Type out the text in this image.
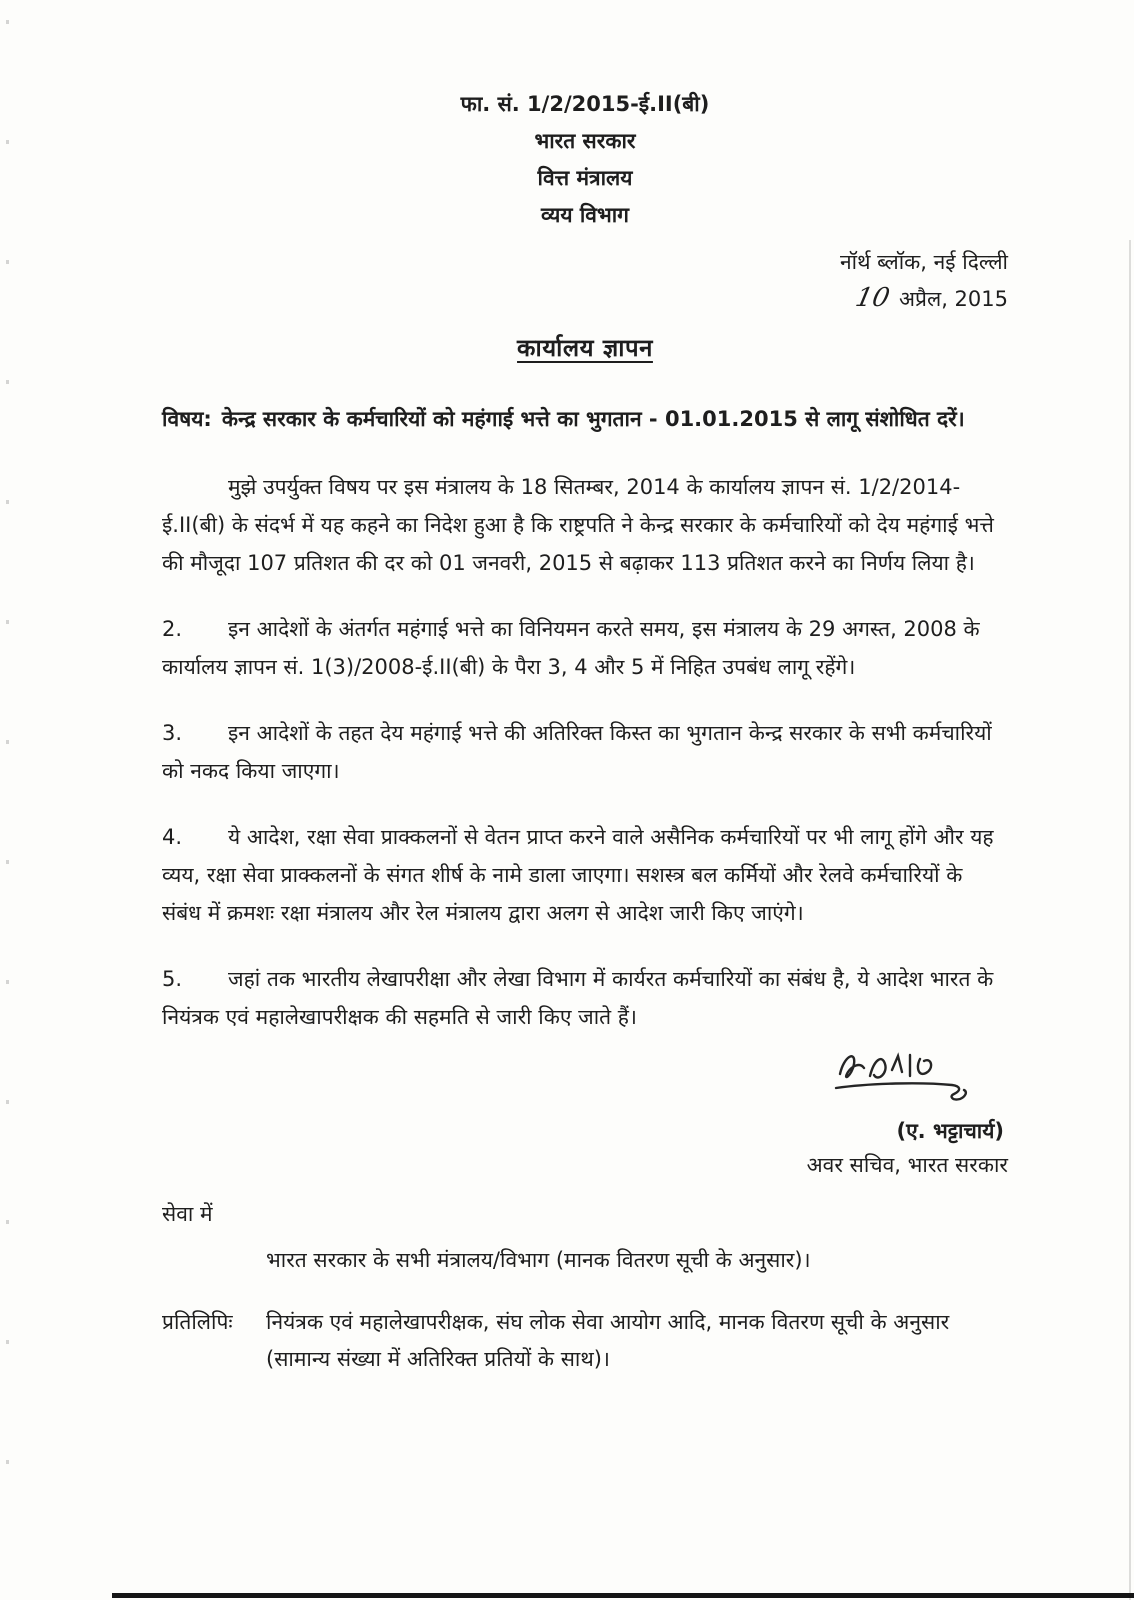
फा. सं. 1/2/2015-ई.II(बी)
भारत सरकार
वित्त मंत्रालय
व्यय विभाग
नॉर्थ ब्लॉक, नई दिल्ली
10 अप्रैल, 2015
कार्यालय ज्ञापन
विषय: केन्द्र सरकार के कर्मचारियों को महंगाई भत्ते का भुगतान - 01.01.2015 से लागू संशोधित दरें।

मुझे उपर्युक्त विषय पर इस मंत्रालय के 18 सितम्बर, 2014 के कार्यालय ज्ञापन सं. 1/2/2014-ई.II(बी) के संदर्भ में यह कहने का निदेश हुआ है कि राष्ट्रपति ने केन्द्र सरकार के कर्मचारियों को देय महंगाई भत्ते की मौजूदा 107 प्रतिशत की दर को 01 जनवरी, 2015 से बढ़ाकर 113 प्रतिशत करने का निर्णय लिया है।

2. इन आदेशों के अंतर्गत महंगाई भत्ते का विनियमन करते समय, इस मंत्रालय के 29 अगस्त, 2008 के कार्यालय ज्ञापन सं. 1(3)/2008-ई.II(बी) के पैरा 3, 4 और 5 में निहित उपबंध लागू रहेंगे।

3. इन आदेशों के तहत देय महंगाई भत्ते की अतिरिक्त किस्त का भुगतान केन्द्र सरकार के सभी कर्मचारियों को नकद किया जाएगा।

4. ये आदेश, रक्षा सेवा प्राक्कलनों से वेतन प्राप्त करने वाले असैनिक कर्मचारियों पर भी लागू होंगे और यह व्यय, रक्षा सेवा प्राक्कलनों के संगत शीर्ष के नामे डाला जाएगा। सशस्त्र बल कर्मियों और रेलवे कर्मचारियों के संबंध में क्रमशः रक्षा मंत्रालय और रेल मंत्रालय द्वारा अलग से आदेश जारी किए जाएंगे।

5. जहां तक भारतीय लेखापरीक्षा और लेखा विभाग में कार्यरत कर्मचारियों का संबंध है, ये आदेश भारत के नियंत्रक एवं महालेखापरीक्षक की सहमति से जारी किए जाते हैं।

(ए. भट्टाचार्य)
अवर सचिव, भारत सरकार
सेवा में
भारत सरकार के सभी मंत्रालय/विभाग (मानक वितरण सूची के अनुसार)।
प्रतिलिपिः	नियंत्रक एवं महालेखापरीक्षक, संघ लोक सेवा आयोग आदि, मानक वितरण सूची के अनुसार (सामान्य संख्या में अतिरिक्त प्रतियों के साथ)।
